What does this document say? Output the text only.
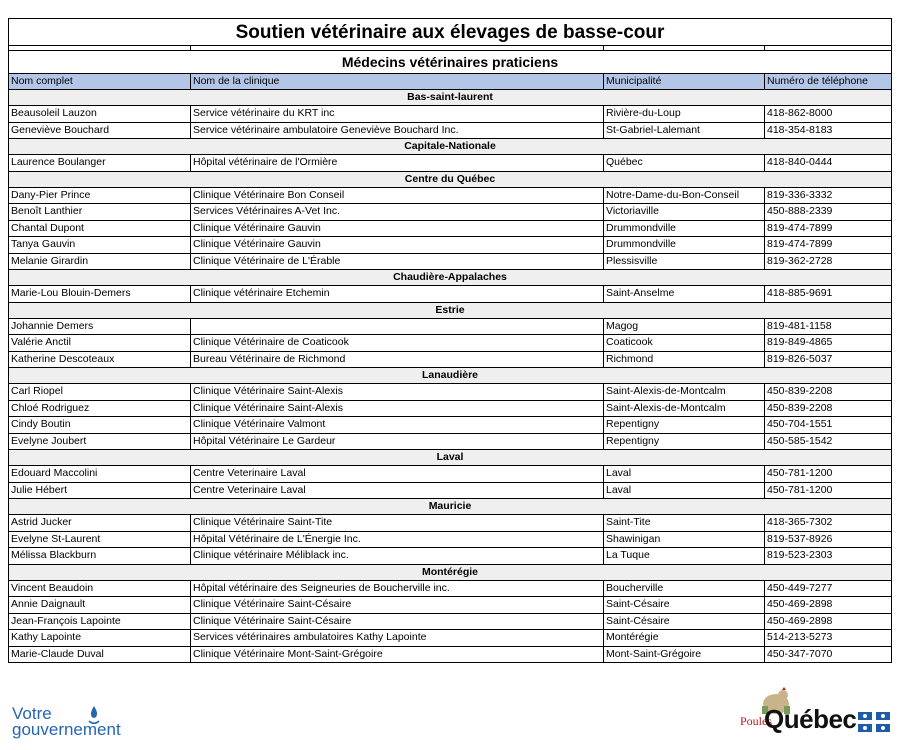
Soutien vétérinaire aux élevages de basse-cour			

Médecins vétérinaires praticiens			
Nom complet	Nom de la clinique	Municipalité	Numéro de téléphone
Bas-saint-laurent			
Beausoleil Lauzon	Service vétérinaire du KRT inc	Rivière-du-Loup	418-862-8000
Geneviève Bouchard	Service vétérinaire ambulatoire Geneviève Bouchard Inc.	St-Gabriel-Lalemant	418-354-8183
Capitale-Nationale			
Laurence Boulanger	Hôpital vétérinaire de l'Ormière	Québec	418-840-0444
Centre du Québec			
Dany-Pier Prince	Clinique Vétérinaire Bon Conseil	Notre-Dame-du-Bon-Conseil	819-336-3332
Benoît Lanthier	Services Vétérinaires A-Vet Inc.	Victoriaville	450-888-2339
Chantal Dupont	Clinique Vétérinaire Gauvin	Drummondville	819-474-7899
Tanya Gauvin	Clinique Vétérinaire Gauvin	Drummondville	819-474-7899
Melanie Girardin	Clinique Vétérinaire de L'Érable	Plessisville	819-362-2728
Chaudière-Appalaches			
Marie-Lou Blouin-Demers	Clinique vétérinaire Etchemin	Saint-Anselme	418-885-9691
Estrie			
Johannie Demers		Magog	819-481-1158
Valérie Anctil	Clinique Vétérinaire de Coaticook	Coaticook	819-849-4865
Katherine Descoteaux	Bureau Vétérinaire de Richmond	Richmond	819-826-5037
Lanaudière			
Carl Riopel	Clinique Vétérinaire Saint-Alexis	Saint-Alexis-de-Montcalm	450-839-2208
Chloé Rodriguez	Clinique Vétérinaire Saint-Alexis	Saint-Alexis-de-Montcalm	450-839-2208
Cindy Boutin	Clinique Vétérinaire Valmont	Repentigny	450-704-1551
Evelyne Joubert	Hôpital Vétérinaire Le Gardeur	Repentigny	450-585-1542
Laval			
Edouard Maccolini	Centre Veterinaire Laval	Laval	450-781-1200
Julie Hébert	Centre Veterinaire Laval	Laval	450-781-1200
Mauricie			
Astrid Jucker	Clinique Vétérinaire Saint-Tite	Saint-Tite	418-365-7302
Evelyne St-Laurent	Hôpital Vétérinaire de L'Énergie Inc.	Shawinigan	819-537-8926
Mélissa Blackburn	Clinique vétérinaire Méliblack inc.	La Tuque	819-523-2303
Montérégie			
Vincent Beaudoin	Hôpital vétérinaire des Seigneuries de Boucherville inc.	Boucherville	450-449-7277
Annie Daignault	Clinique Vétérinaire Saint-Césaire	Saint-Césaire	450-469-2898
Jean-François Lapointe	Clinique Vétérinaire Saint-Césaire	Saint-Césaire	450-469-2898
Kathy Lapointe	Services vétérinaires ambulatoires Kathy Lapointe	Montérégie	514-213-5273
Marie-Claude Duval	Clinique Vétérinaire Mont-Saint-Grégoire	Mont-Saint-Grégoire	450-347-7070
Votre
gouvernement	Poules
Québec
